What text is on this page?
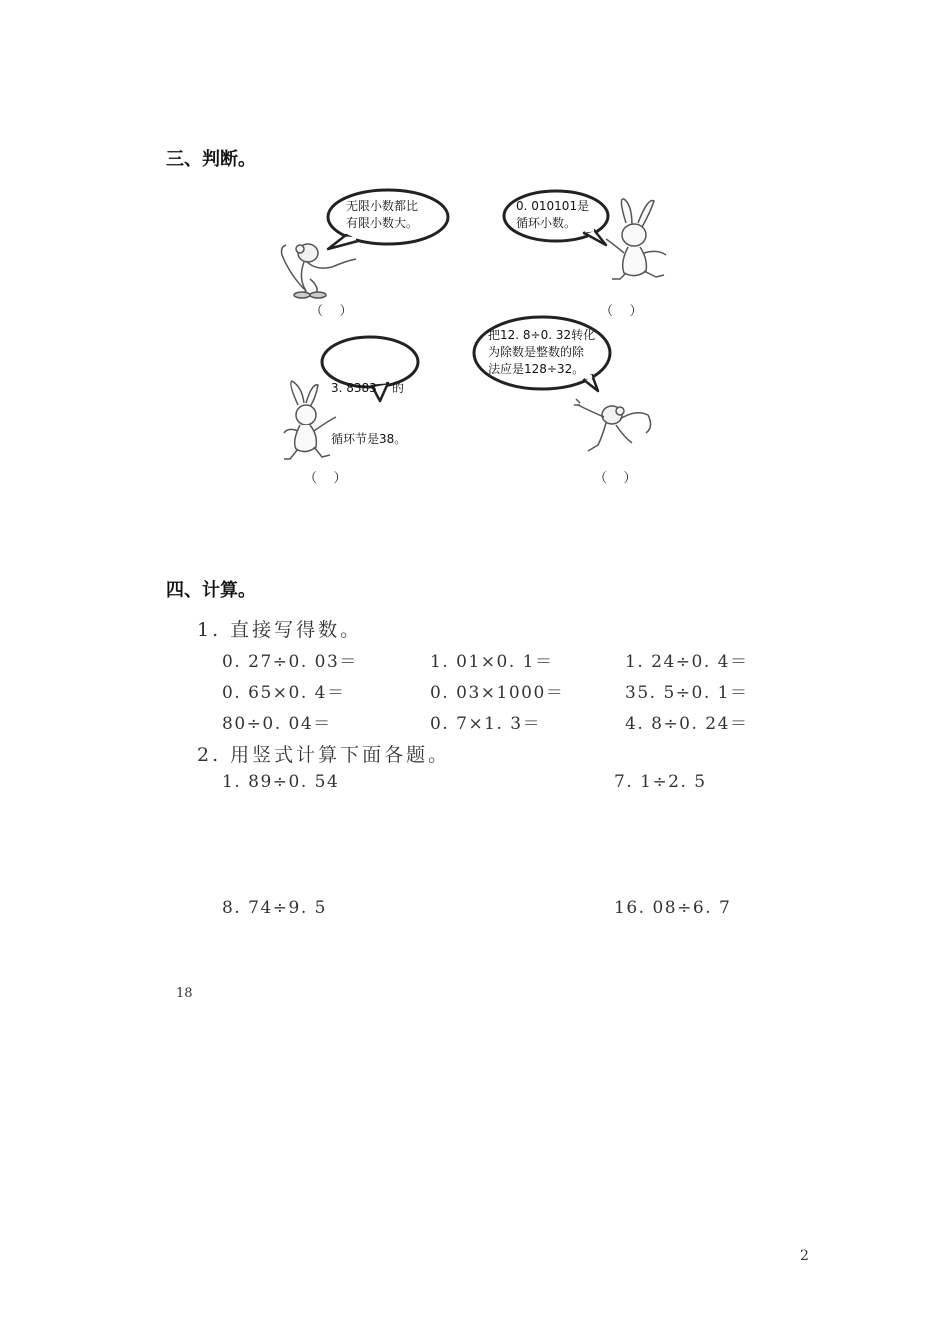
三、判断。
无限小数都比
有限小数大。
0. 010101是
循环小数。

3. 8383    的

循环节是38。

把12. 8÷0. 32转化
为除数是整数的除
法应是128÷32。
（    ）	（    ）
（    ）	（    ）
四、计算。
1. 直接写得数。
0. 27÷0. 03＝	1. 01×0. 1＝	1. 24÷0. 4＝
0. 65×0. 4＝	0. 03×1000＝	35. 5÷0. 1＝
80÷0. 04＝	0. 7×1. 3＝	4. 8÷0. 24＝
2. 用竖式计算下面各题。
1. 89÷0. 54	7. 1÷2. 5
8. 74÷9. 5	16. 08÷6. 7
18
2
